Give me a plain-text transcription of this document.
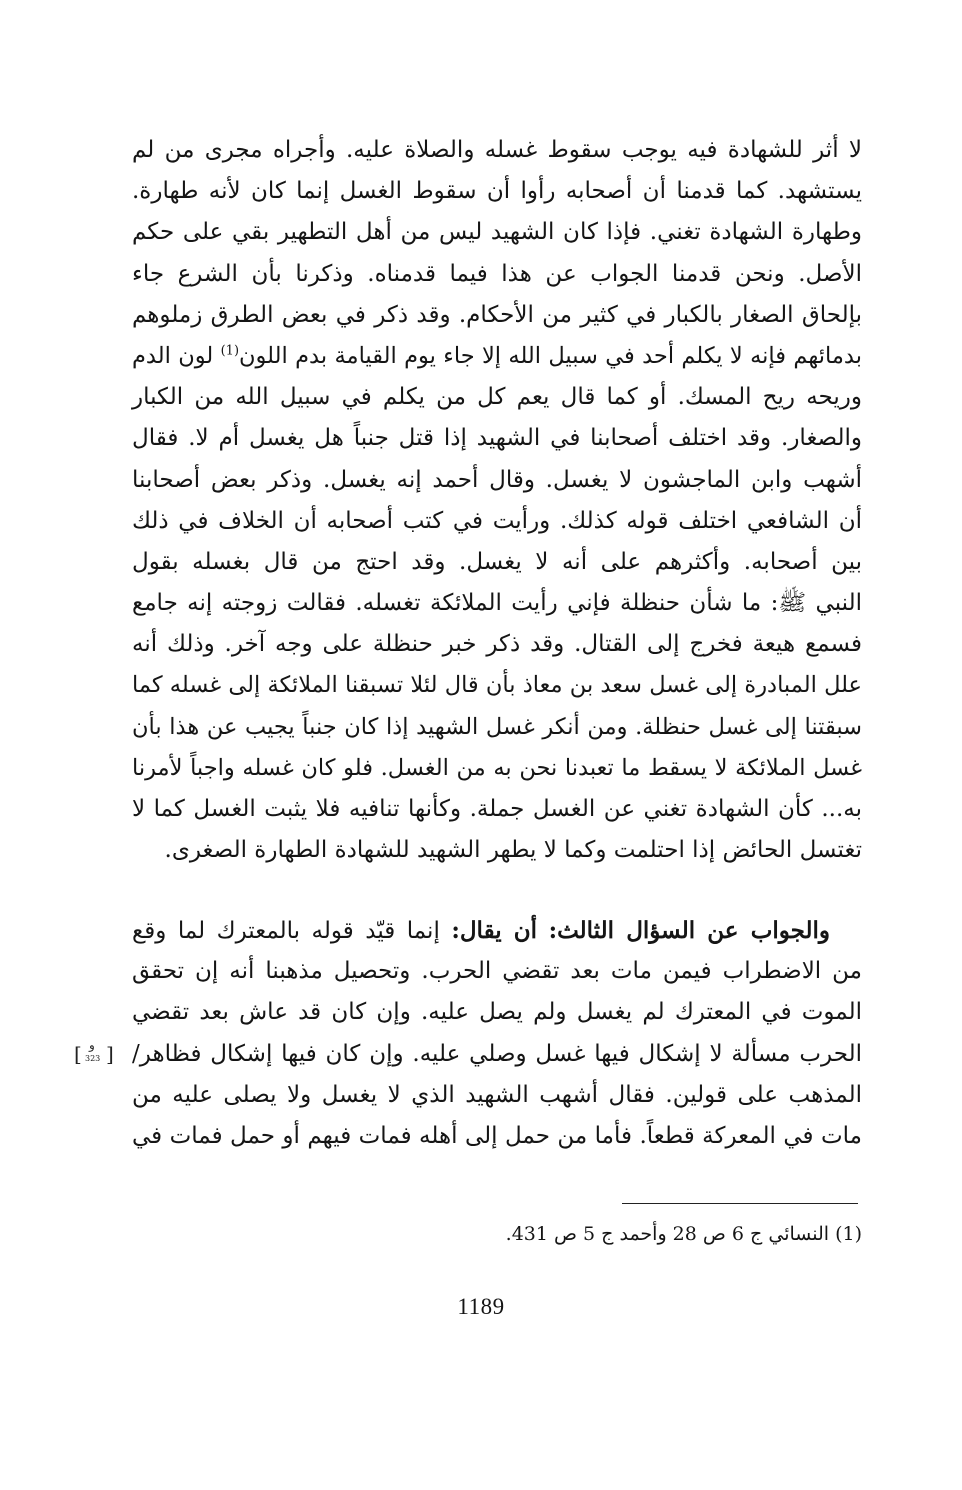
لا أثر للشهادة فيه يوجب سقوط غسله والصلاة عليه. وأجراه مجرى من لم
يستشهد. كما قدمنا أن أصحابه رأوا أن سقوط الغسل إنما كان لأنه طهارة.
وطهارة الشهادة تغني. فإذا كان الشهيد ليس من أهل التطهير بقي على حكم
الأصل. ونحن قدمنا الجواب عن هذا فيما قدمناه. وذكرنا بأن الشرع جاء
بإلحاق الصغار بالكبار في كثير من الأحكام. وقد ذكر في بعض الطرق زملوهم
بدمائهم فإنه لا يكلم أحد في سبيل الله إلا جاء يوم القيامة بدم اللون$^{(1)}$ لون الدم
وريحه ريح المسك. أو كما قال يعم كل من يكلم في سبيل الله من الكبار
والصغار. وقد اختلف أصحابنا في الشهيد إذا قتل جنباً هل يغسل أم لا. فقال
أشهب وابن الماجشون لا يغسل. وقال أحمد إنه يغسل. وذكر بعض أصحابنا
أن الشافعي اختلف قوله كذلك. ورأيت في كتب أصحابه أن الخلاف في ذلك
بين أصحابه. وأكثرهم على أنه لا يغسل. وقد احتج من قال بغسله بقول
النبي ﷺ: ما شأن حنظلة فإني رأيت الملائكة تغسله. فقالت زوجته إنه جامع
فسمع هيعة فخرج إلى القتال. وقد ذكر خبر حنظلة على وجه آخر. وذلك أنه
علل المبادرة إلى غسل سعد بن معاذ بأن قال لئلا تسبقنا الملائكة إلى غسله كما
سبقتنا إلى غسل حنظلة. ومن أنكر غسل الشهيد إذا كان جنباً يجيب عن هذا بأن
غسل الملائكة لا يسقط ما تعبدنا نحن به من الغسل. فلو كان غسله واجباً لأمرنا
به... كأن الشهادة تغني عن الغسل جملة. وكأنها تنافيه فلا يثبت الغسل كما لا
تغتسل الحائض إذا احتلمت وكما لا يطهر الشهيد للشهادة الطهارة الصغرى.
والجواب عن السؤال الثالث: أن يقال: إنما قيّد قوله بالمعترك لما وقع
من الاضطراب فيمن مات بعد تقضي الحرب. وتحصيل مذهبنا أنه إن تحقق
الموت في المعترك لم يغسل ولم يصل عليه. وإن كان قد عاش بعد تقضي
الحرب مسألة لا إشكال فيها غسل وصلي عليه. وإن كان فيها إشكال فظاهر/
المذهب على قولين. فقال أشهب الشهيد الذي لا يغسل ولا يصلى عليه من
مات في المعركة قطعاً. فأما من حمل إلى أهله فمات فيهم أو حمل فمات في
[ و
323 ]
(1) النسائي ج 6 ص 28 وأحمد ج 5 ص 431.
1189
